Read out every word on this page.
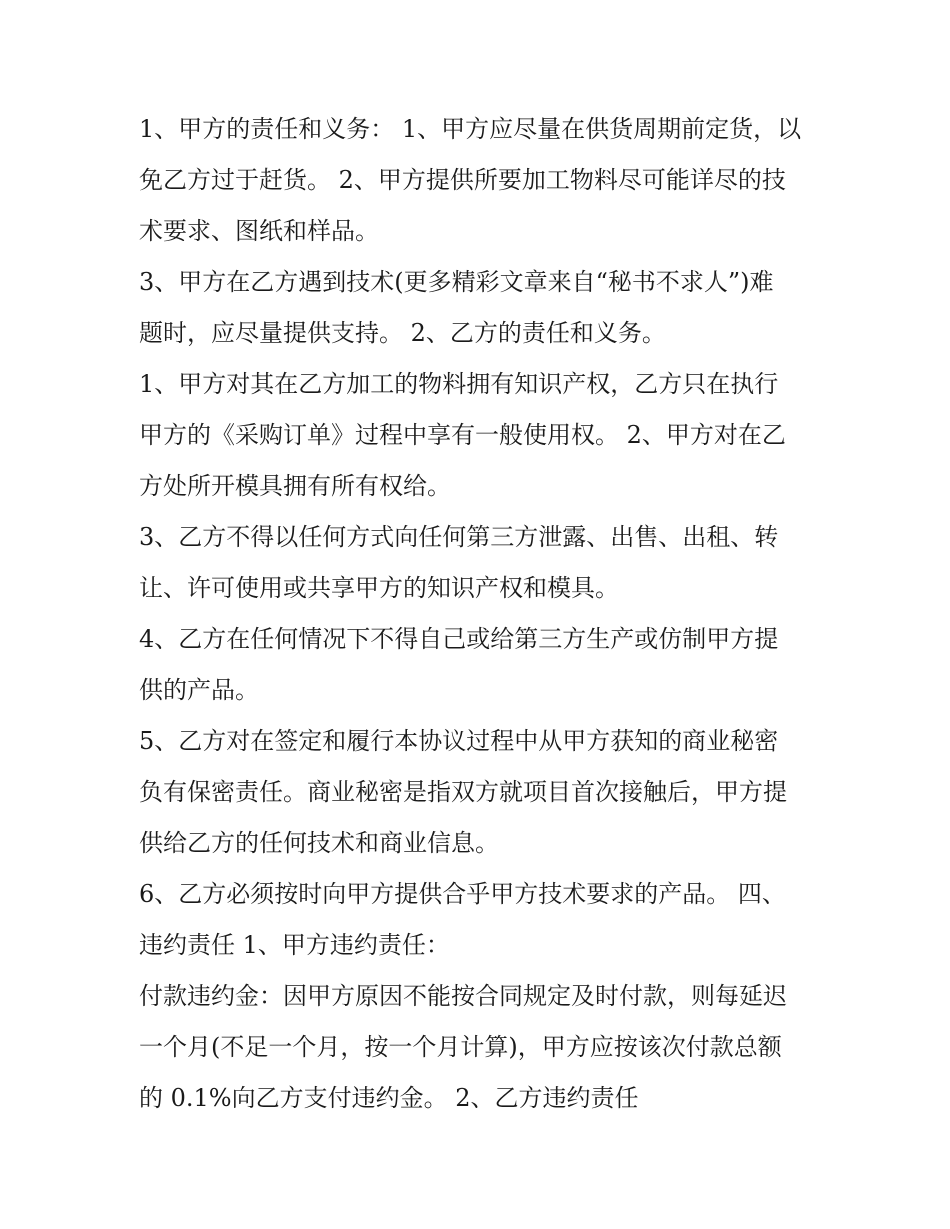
1、甲方的责任和义务： 1、甲方应尽量在供货周期前定货，以
免乙方过于赶货。 2、甲方提供所要加工物料尽可能详尽的技
术要求、图纸和样品。
3、甲方在乙方遇到技术(更多精彩文章来自“秘书不求人”)难
题时，应尽量提供支持。 2、乙方的责任和义务。
1、甲方对其在乙方加工的物料拥有知识产权，乙方只在执行
甲方的《采购订单》过程中享有一般使用权。 2、甲方对在乙
方处所开模具拥有所有权给。
3、乙方不得以任何方式向任何第三方泄露、出售、出租、转
让、许可使用或共享甲方的知识产权和模具。
4、乙方在任何情况下不得自己或给第三方生产或仿制甲方提
供的产品。
5、乙方对在签定和履行本协议过程中从甲方获知的商业秘密
负有保密责任。商业秘密是指双方就项目首次接触后，甲方提
供给乙方的任何技术和商业信息。
6、乙方必须按时向甲方提供合乎甲方技术要求的产品。 四、
违约责任 1、甲方违约责任：
付款违约金：因甲方原因不能按合同规定及时付款，则每延迟
一个月(不足一个月，按一个月计算)，甲方应按该次付款总额
的 0.1%向乙方支付违约金。 2、乙方违约责任
